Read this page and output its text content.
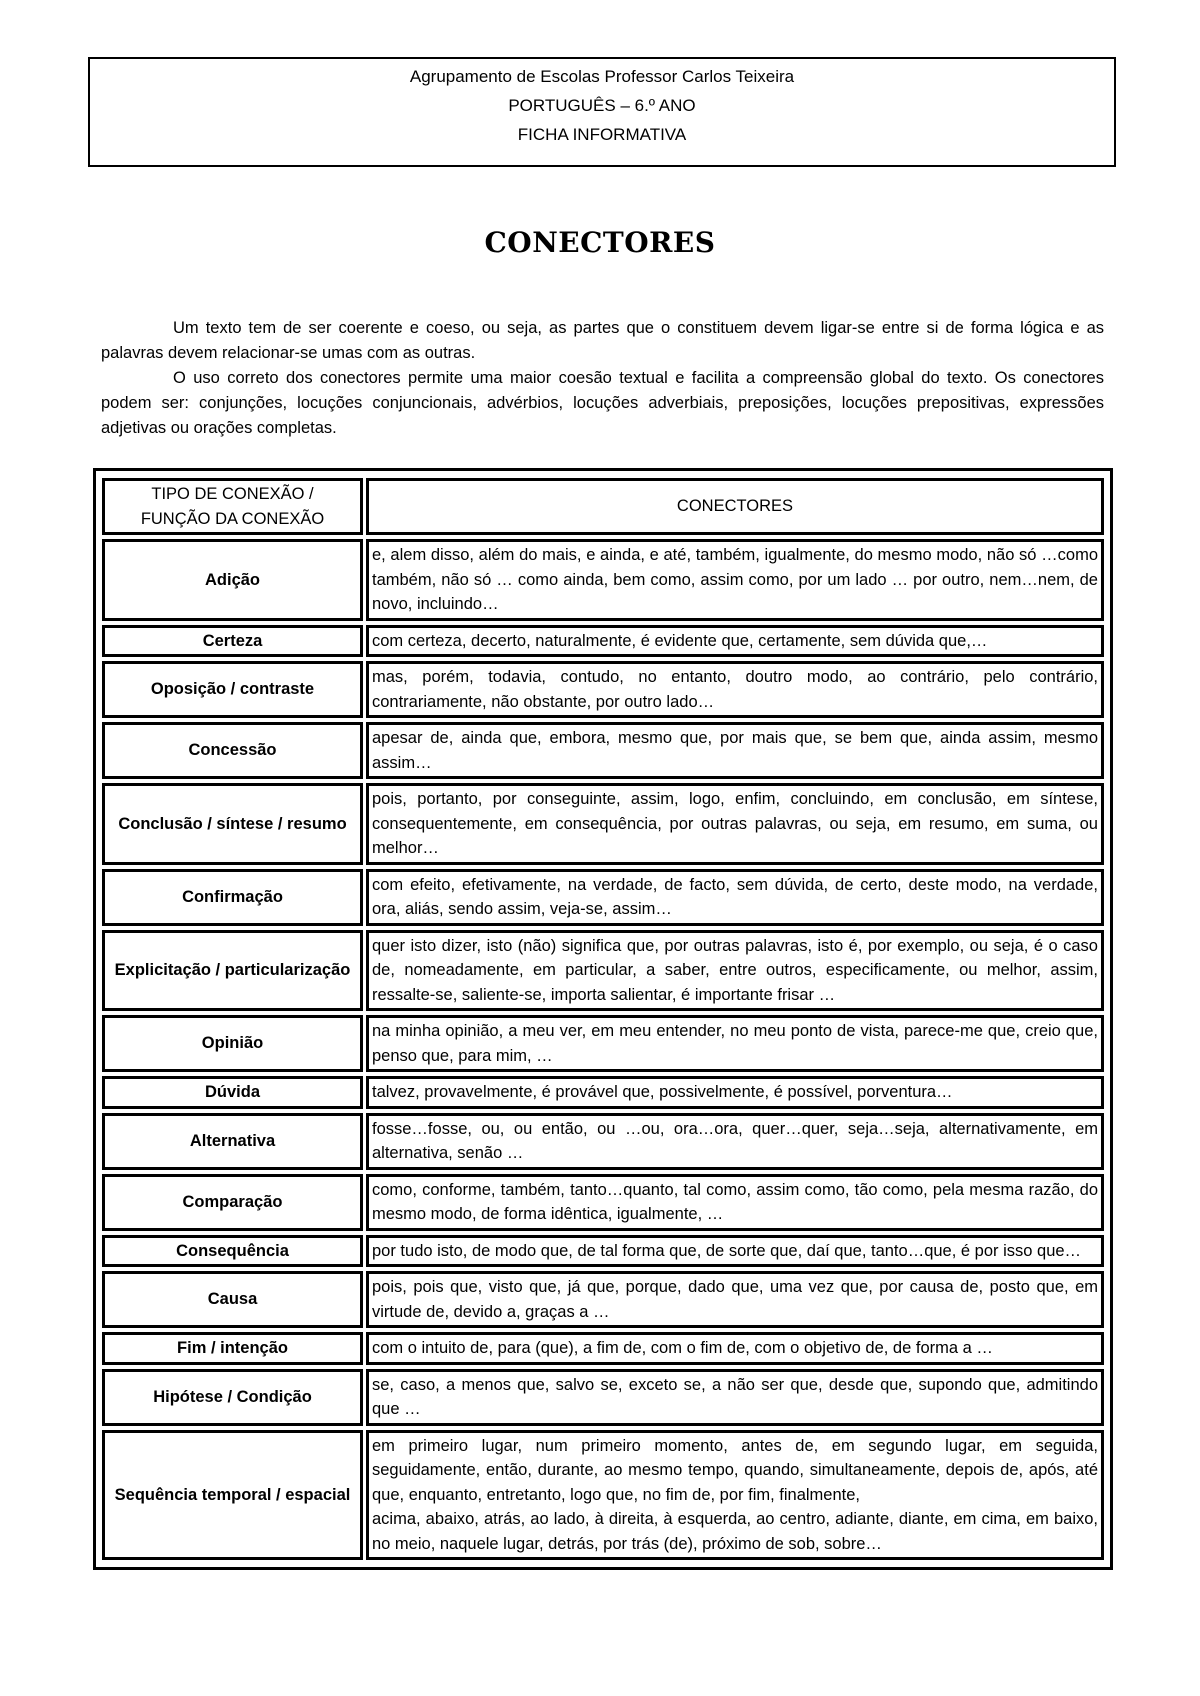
Agrupamento de Escolas Professor Carlos Teixeira
PORTUGUÊS – 6.º ANO
FICHA INFORMATIVA
CONECTORES

Um texto tem de ser coerente e coeso, ou seja, as partes que o constituem devem ligar-se entre si de forma lógica e as palavras devem relacionar-se umas com as outras.

O uso correto dos conectores permite uma maior coesão textual e facilita a compreensão global do texto. Os conectores podem ser: conjunções, locuções conjuncionais, advérbios, locuções adverbiais, preposições, locuções prepositivas, expressões adjetivas ou orações completas.

TIPO DE CONEXÃO /
FUNÇÃO DA CONEXÃO	CONECTORES
Adição	e, alem disso, além do mais, e ainda, e até, também, igualmente, do mesmo modo, não só …como também, não só … como ainda, bem como, assim como, por um lado … por outro, nem…nem, de novo, incluindo…

Certeza	com certeza, decerto, naturalmente, é evidente que, certamente, sem dúvida que,…

Oposição / contraste	mas, porém, todavia, contudo, no entanto, doutro modo, ao contrário, pelo contrário, contrariamente, não obstante, por outro lado…

Concessão	apesar de, ainda que, embora, mesmo que, por mais que, se bem que, ainda assim, mesmo assim…

Conclusão / síntese / resumo	pois, portanto, por conseguinte, assim, logo, enfim, concluindo, em conclusão, em síntese, consequentemente, em consequência, por outras palavras, ou seja, em resumo, em suma, ou melhor…

Confirmação	com efeito, efetivamente, na verdade, de facto, sem dúvida, de certo, deste modo, na verdade, ora, aliás, sendo assim, veja-se, assim…

Explicitação / particularização	quer isto dizer, isto (não) significa que, por outras palavras, isto é, por exemplo, ou seja, é o caso de, nomeadamente, em particular, a saber, entre outros, especificamente, ou melhor, assim, ressalte-se, saliente-se, importa salientar, é importante frisar …

Opinião	na minha opinião, a meu ver, em meu entender, no meu ponto de vista, parece-me que, creio que, penso que, para mim, …

Dúvida	talvez, provavelmente, é provável que, possivelmente, é possível, porventura…

Alternativa	fosse…fosse, ou, ou então, ou …ou, ora…ora, quer…quer, seja…seja, alternativamente, em alternativa, senão …

Comparação	como, conforme, também, tanto…quanto, tal como, assim como, tão como, pela mesma razão, do mesmo modo, de forma idêntica, igualmente, …

Consequência	por tudo isto, de modo que, de tal forma que, de sorte que, daí que, tanto…que, é por isso que…

Causa	pois, pois que, visto que, já que, porque, dado que, uma vez que, por causa de, posto que, em virtude de, devido a, graças a …

Fim / intenção	com o intuito de, para (que), a fim de, com o fim de, com o objetivo de, de forma a …

Hipótese / Condição	se, caso, a menos que, salvo se, exceto se, a não ser que, desde que, supondo que, admitindo que …

Sequência temporal / espacial	em primeiro lugar, num primeiro momento, antes de, em segundo lugar, em seguida, seguidamente, então, durante, ao mesmo tempo, quando, simultaneamente, depois de, após, até que, enquanto, entretanto, logo que, no fim de, por fim, finalmente,
acima, abaixo, atrás, ao lado, à direita, à esquerda, ao centro, adiante, diante, em cima, em baixo, no meio, naquele lugar, detrás, por trás (de), próximo de sob, sobre…
